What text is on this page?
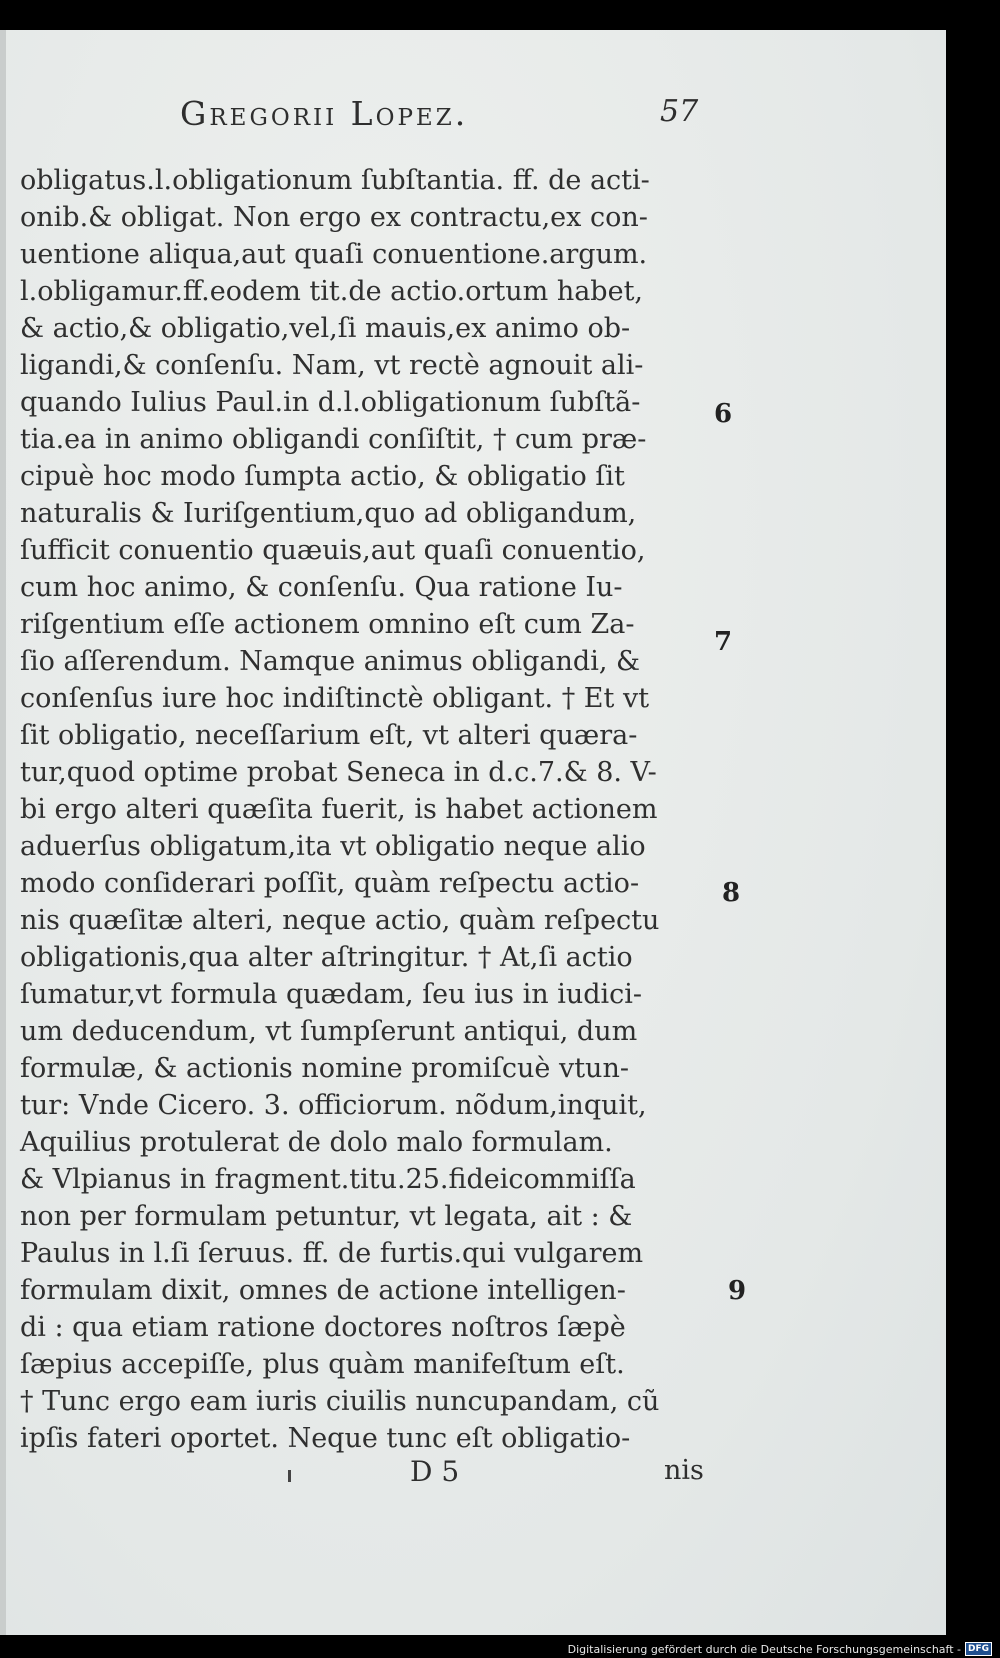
Gregorii Lopez.	57
obligatus.l.obligationum ſubſtantia. ff. de acti-
onib.& obligat. Non ergo ex contractu,ex con-
uentione aliqua,aut quaſi conuentione.argum.
l.obligamur.ff.eodem tit.de actio.ortum habet,
& actio,& obligatio,vel,ſi mauis,ex animo ob-
ligandi,& conſenſu. Nam, vt rectè agnouit ali-
quando Iulius Paul.in d.l.obligationum ſubſtã-
tia.ea in animo obligandi conſiſtit, † cum præ-
cipuè hoc modo ſumpta actio, & obligatio ſit
naturalis & Iuriſgentium,quo ad obligandum,
ſufficit conuentio quæuis,aut quaſi conuentio,
cum hoc animo, & conſenſu. Qua ratione Iu-
riſgentium eſſe actionem omnino eſt cum Za-
ſio aſſerendum. Namque animus obligandi, &
conſenſus iure hoc indiſtinctè obligant. † Et vt
ſit obligatio, neceſſarium eſt, vt alteri quæra-
tur,quod optime probat Seneca in d.c.7.& 8. V-
bi ergo alteri quæſita fuerit, is habet actionem
aduerſus obligatum,ita vt obligatio neque alio
modo conſiderari poſſit, quàm reſpectu actio-
nis quæſitæ alteri, neque actio, quàm reſpectu
obligationis,qua alter aſtringitur. † At,ſi actio
ſumatur,vt formula quædam, ſeu ius in iudici-
um deducendum, vt ſumpſerunt antiqui, dum
formulæ, & actionis nomine promiſcuè vtun-
tur: Vnde Cicero. 3. officiorum. nõdum,inquit,
Aquilius protulerat de dolo malo formulam.
& Vlpianus in fragment.titu.25.fideicommiſſa
non per formulam petuntur, vt legata, ait : &
Paulus in l.ſi ſeruus. ff. de furtis.qui vulgarem
formulam dixit, omnes de actione intelligen-
di : qua etiam ratione doctores noſtros ſæpè
ſæpius accepiſſe, plus quàm manifeſtum eſt.
† Tunc ergo eam iuris ciuilis nuncupandam, cũ
ipſis fateri oportet. Neque tunc eſt obligatio-
6
7
8
9
D 5	nis
Digitalisierung gefördert durch die Deutsche Forschungsgemeinschaft - DFG
